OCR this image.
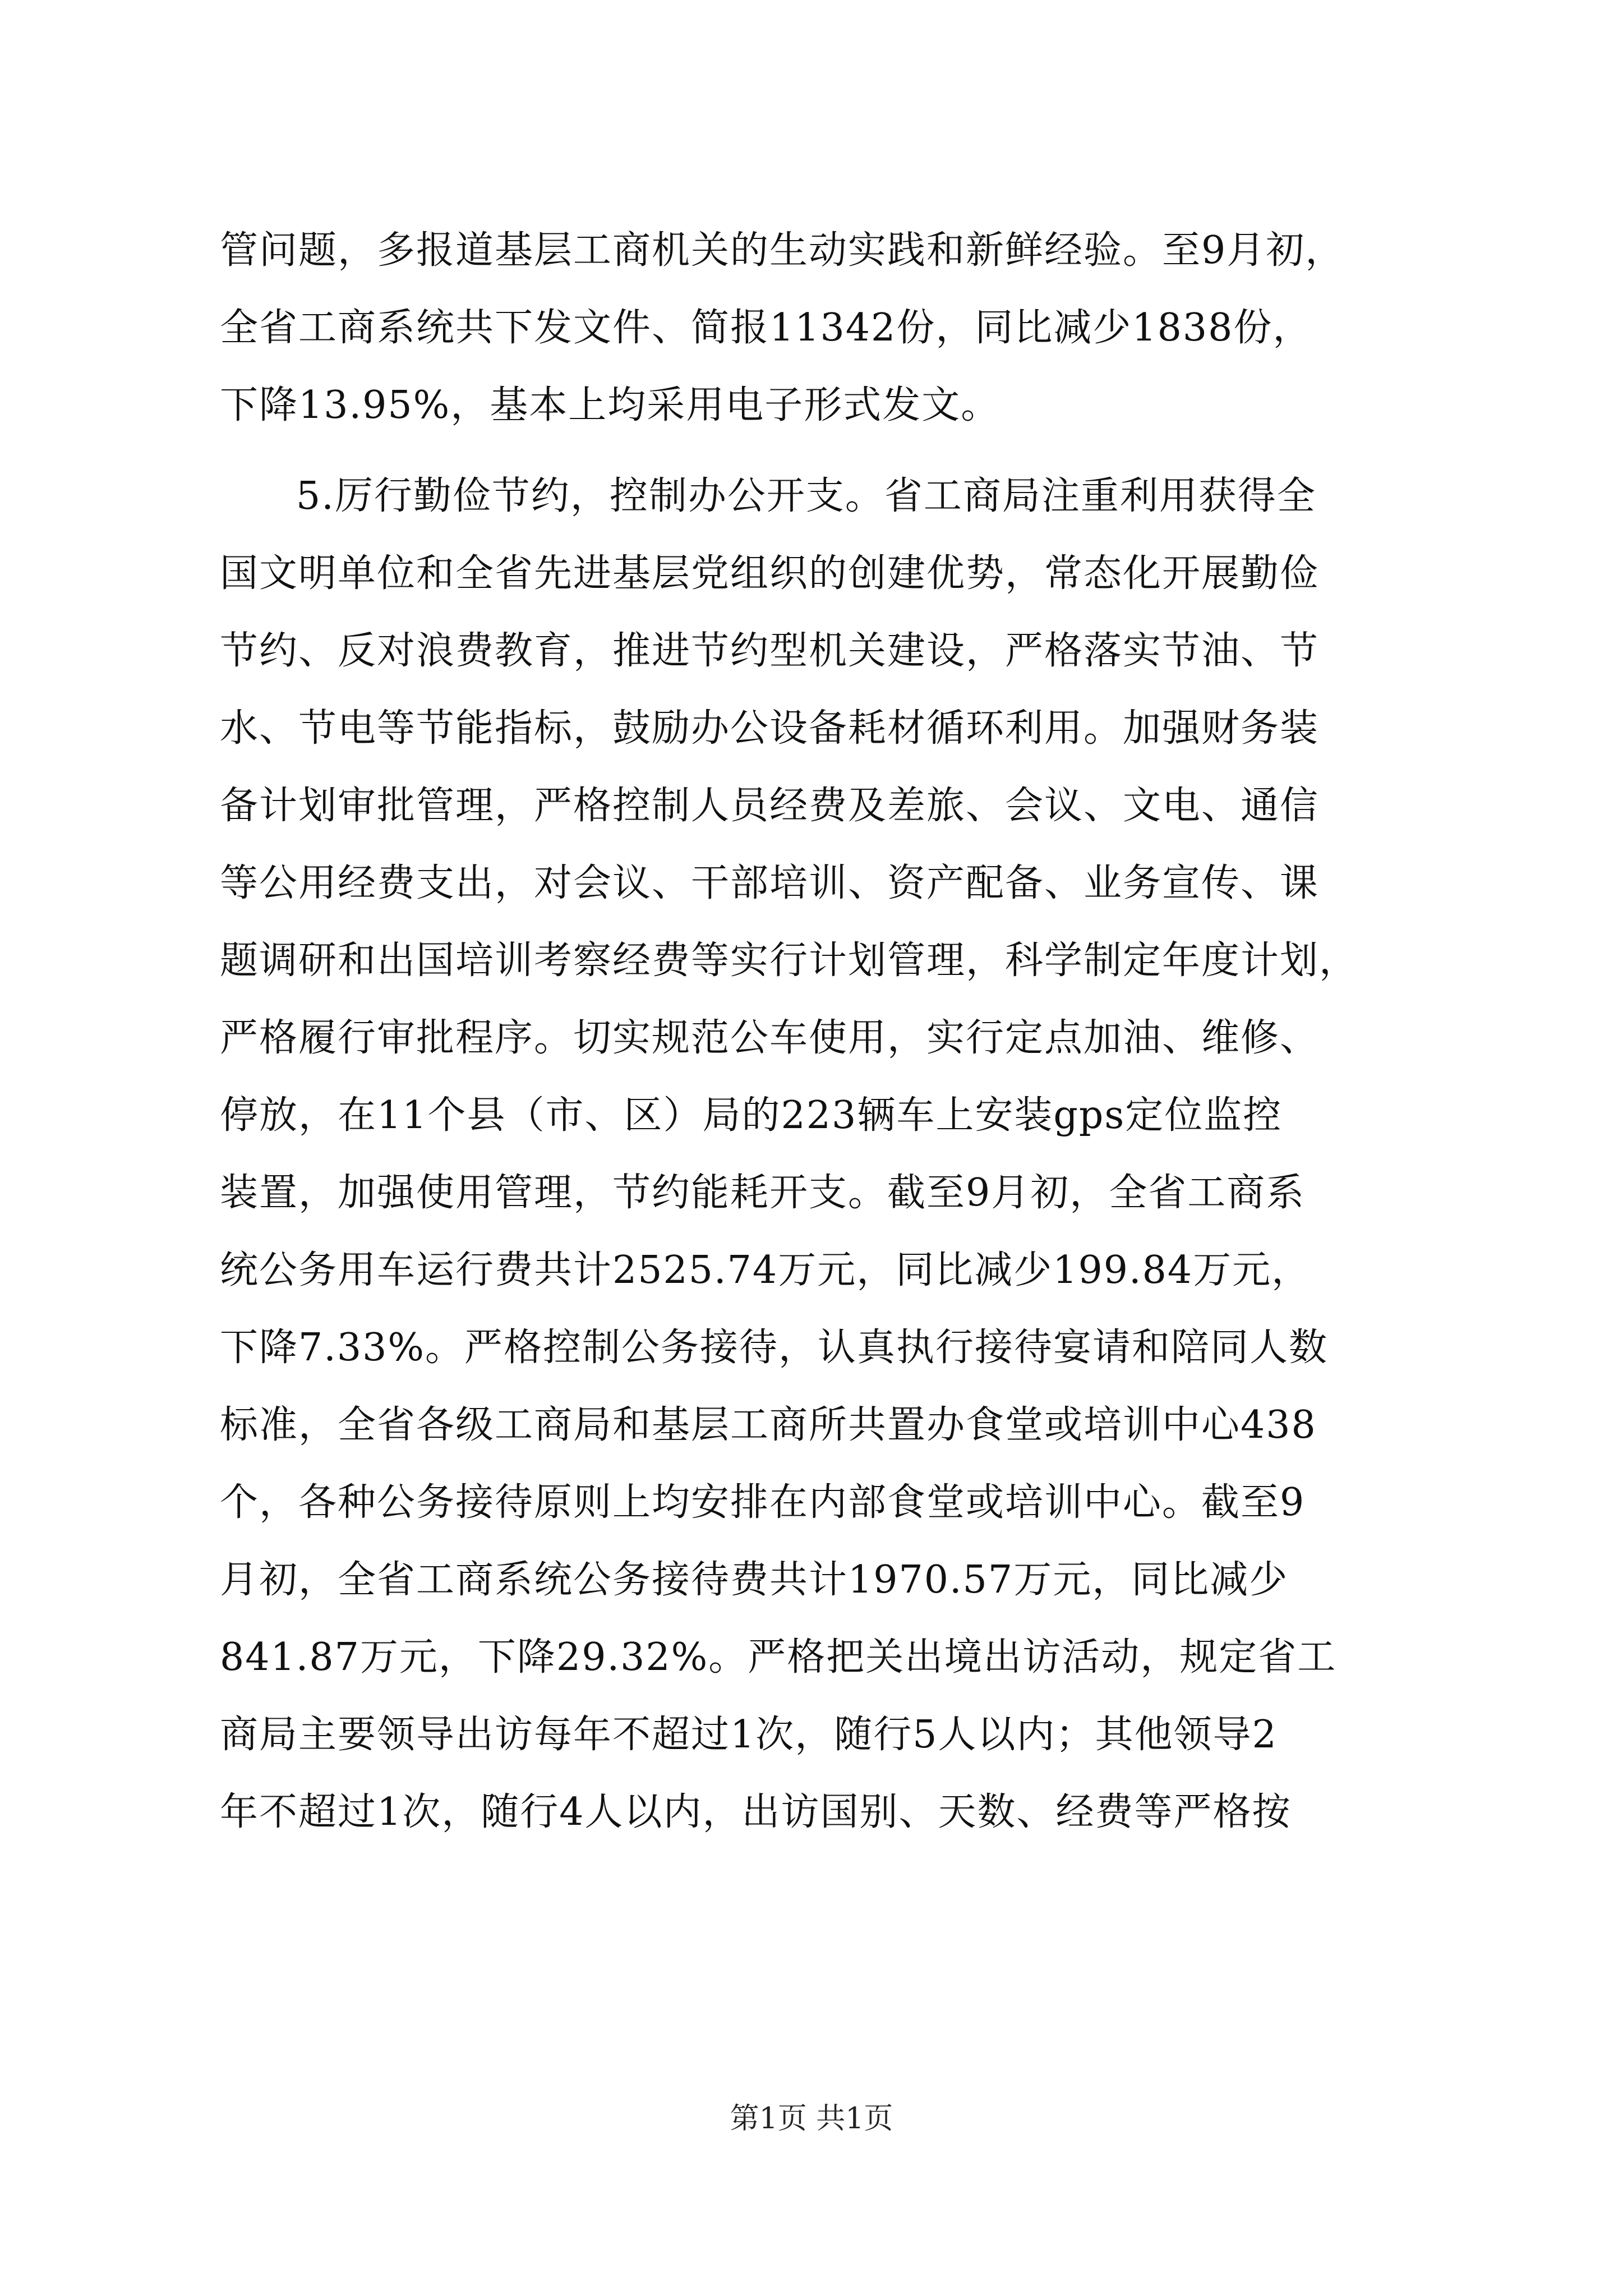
管问题，多报道基层工商机关的生动实践和新鲜经验。至9月初，
全省工商系统共下发文件、简报11342份，同比减少1838份，
下降13.95%，基本上均采用电子形式发文。
5.厉行勤俭节约，控制办公开支。省工商局注重利用获得全
国文明单位和全省先进基层党组织的创建优势，常态化开展勤俭
节约、反对浪费教育，推进节约型机关建设，严格落实节油、节
水、节电等节能指标，鼓励办公设备耗材循环利用。加强财务装
备计划审批管理，严格控制人员经费及差旅、会议、文电、通信
等公用经费支出，对会议、干部培训、资产配备、业务宣传、课
题调研和出国培训考察经费等实行计划管理，科学制定年度计划，
严格履行审批程序。切实规范公车使用，实行定点加油、维修、
停放，在11个县（市、区）局的223辆车上安装gps定位监控
装置，加强使用管理，节约能耗开支。截至9月初，全省工商系
统公务用车运行费共计2525.74万元，同比减少199.84万元，
下降7.33%。严格控制公务接待，认真执行接待宴请和陪同人数
标准，全省各级工商局和基层工商所共置办食堂或培训中心438
个，各种公务接待原则上均安排在内部食堂或培训中心。截至9
月初，全省工商系统公务接待费共计1970.57万元，同比减少
841.87万元，下降29.32%。严格把关出境出访活动，规定省工
商局主要领导出访每年不超过1次，随行5人以内；其他领导2
年不超过1次，随行4人以内，出访国别、天数、经费等严格按
第1页 共1页
